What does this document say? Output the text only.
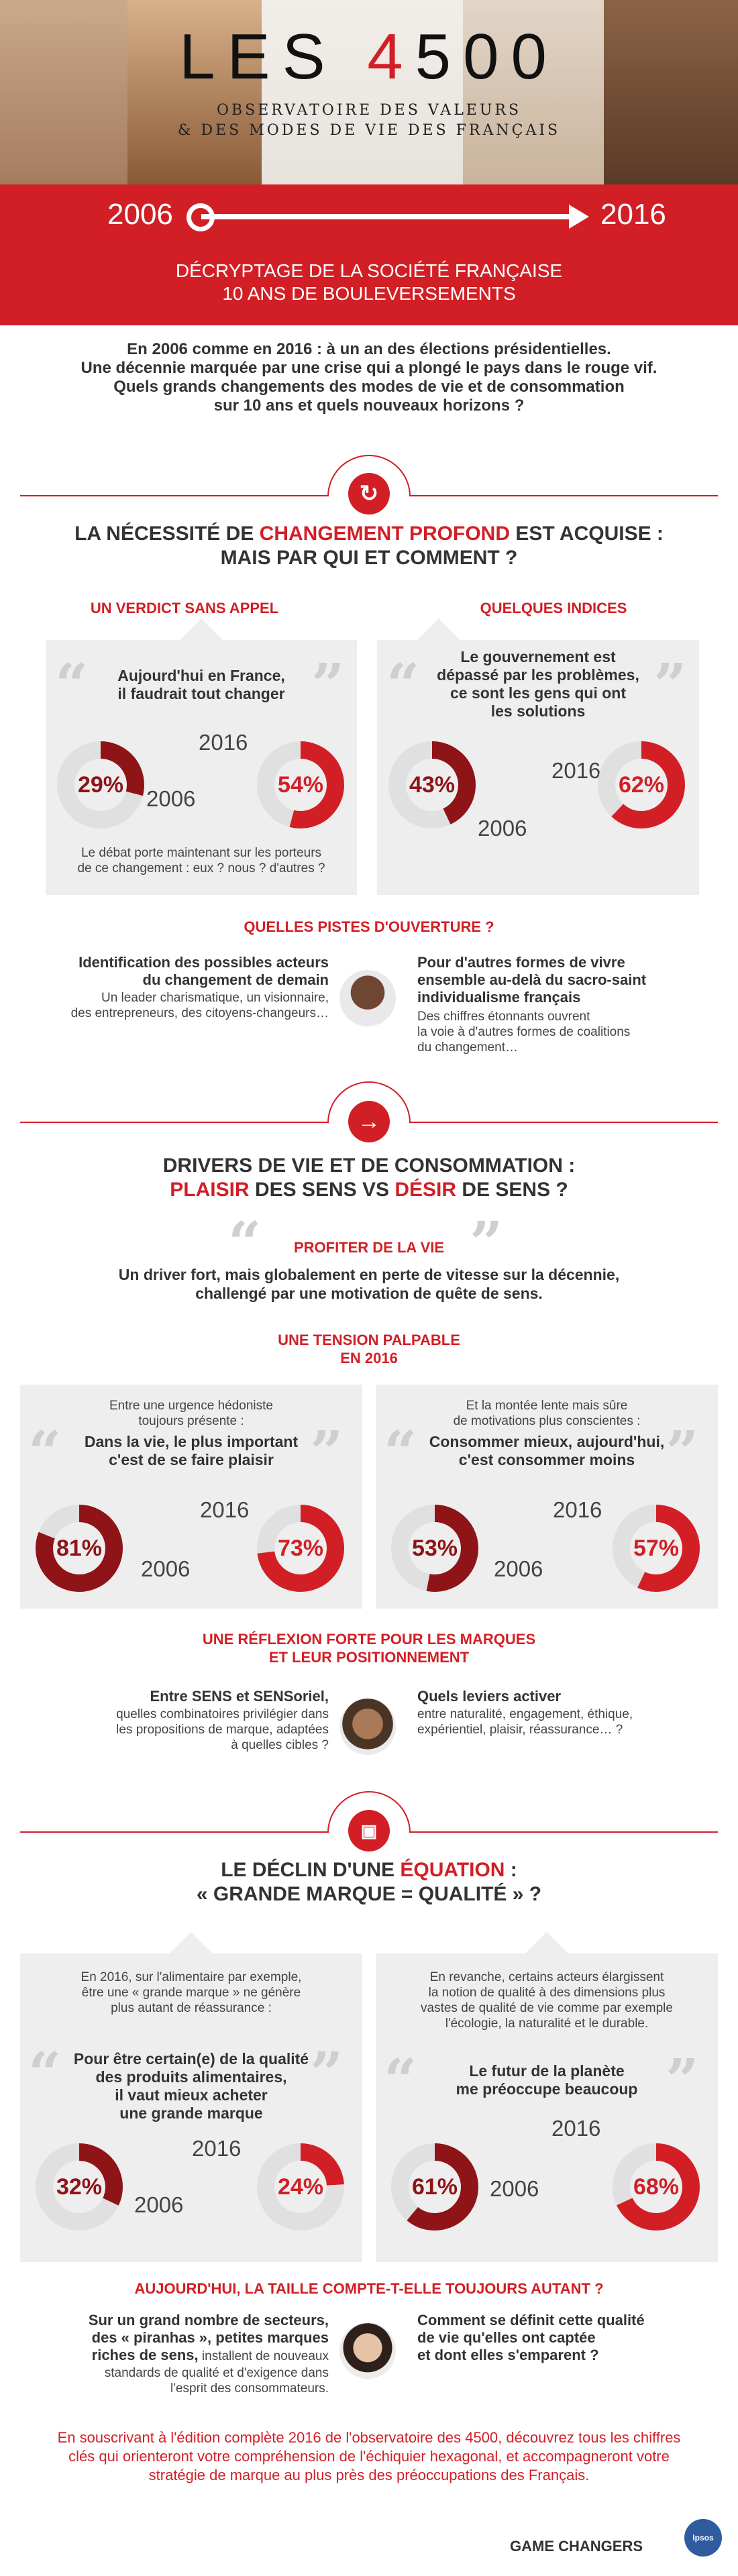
LES 4500
OBSERVATOIRE DES VALEURS
& DES MODES DE VIE DES FRANÇAIS
2006	2016
DÉCRYPTAGE DE LA SOCIÉTÉ FRANÇAISE
10 ANS DE BOULEVERSEMENTS
En 2006 comme en 2016 : à un an des élections présidentielles.
Une décennie marquée par une crise qui a plongé le pays dans le rouge vif.
Quels grands changements des modes de vie et de consommation
sur 10 ans et quels nouveaux horizons ?
↻
LA NÉCESSITÉ DE CHANGEMENT PROFOND EST ACQUISE :
MAIS PAR QUI ET COMMENT ?
UN VERDICT SANS APPEL	QUELQUES INDICES
“	”
Aujourd'hui en France,
il faudrait tout changer
29%
2006
2016
54%
Le débat porte maintenant sur les porteurs
de ce changement : eux ? nous ? d'autres ?
“	”
Le gouvernement est
dépassé par les problèmes,
ce sont les gens qui ont
les solutions
43%
2006
2016
62%
QUELLES PISTES D'OUVERTURE ?
Identification des possibles acteurs
du changement de demain
Un leader charismatique, un visionnaire,
des entrepreneurs, des citoyens-changeurs…
Pour d'autres formes de vivre
ensemble au-delà du sacro-saint
individualisme français
Des chiffres étonnants ouvrent
la voie à d'autres formes de coalitions
du changement…
→
DRIVERS DE VIE ET DE CONSOMMATION :
PLAISIR DES SENS VS DÉSIR DE SENS ?
“	”
PROFITER DE LA VIE
Un driver fort, mais globalement en perte de vitesse sur la décennie,
challengé par une motivation de quête de sens.
UNE TENSION PALPABLE
EN 2016
“	”
Entre une urgence hédoniste
toujours présente :
Dans la vie, le plus important
c'est de se faire plaisir
81%
2006
2016
73%
“	”
Et la montée lente mais sûre
de motivations plus conscientes :
Consommer mieux, aujourd'hui,
c'est consommer moins
53%
2006
2016
57%
UNE RÉFLEXION FORTE POUR LES MARQUES
ET LEUR POSITIONNEMENT
Entre SENS et SENSoriel,
quelles combinatoires privilégier dans
les propositions de marque, adaptées
à quelles cibles ?
Quels leviers activer
entre naturalité, engagement, éthique,
expérientiel, plaisir, réassurance… ?
▣
LE DÉCLIN D'UNE ÉQUATION :
« GRANDE MARQUE = QUALITÉ » ?
En 2016, sur l'alimentaire par exemple,
être une « grande marque » ne génère
plus autant de réassurance :
“	”
Pour être certain(e) de la qualité
des produits alimentaires,
il vaut mieux acheter
une grande marque
32%
2006
2016
24%
En revanche, certains acteurs élargissent
la notion de qualité à des dimensions plus
vastes de qualité de vie comme par exemple
l'écologie, la naturalité et le durable.
“	”
Le futur de la planète
me préoccupe beaucoup
61%	2006
2016
68%
AUJOURD'HUI, LA TAILLE COMPTE-T-ELLE TOUJOURS AUTANT ?
Sur un grand nombre de secteurs,
des « piranhas », petites marques
riches de sens, installent de nouveaux
standards de qualité et d'exigence dans
l'esprit des consommateurs.
Comment se définit cette qualité
de vie qu'elles ont captée
et dont elles s'emparent ?
En souscrivant à l'édition complète 2016 de l'observatoire des 4500, découvrez tous les chiffres
clés qui orienteront votre compréhension de l'échiquier hexagonal, et accompagneront votre
stratégie de marque au plus près des préoccupations des Français.
GAME CHANGERS	Ipsos
